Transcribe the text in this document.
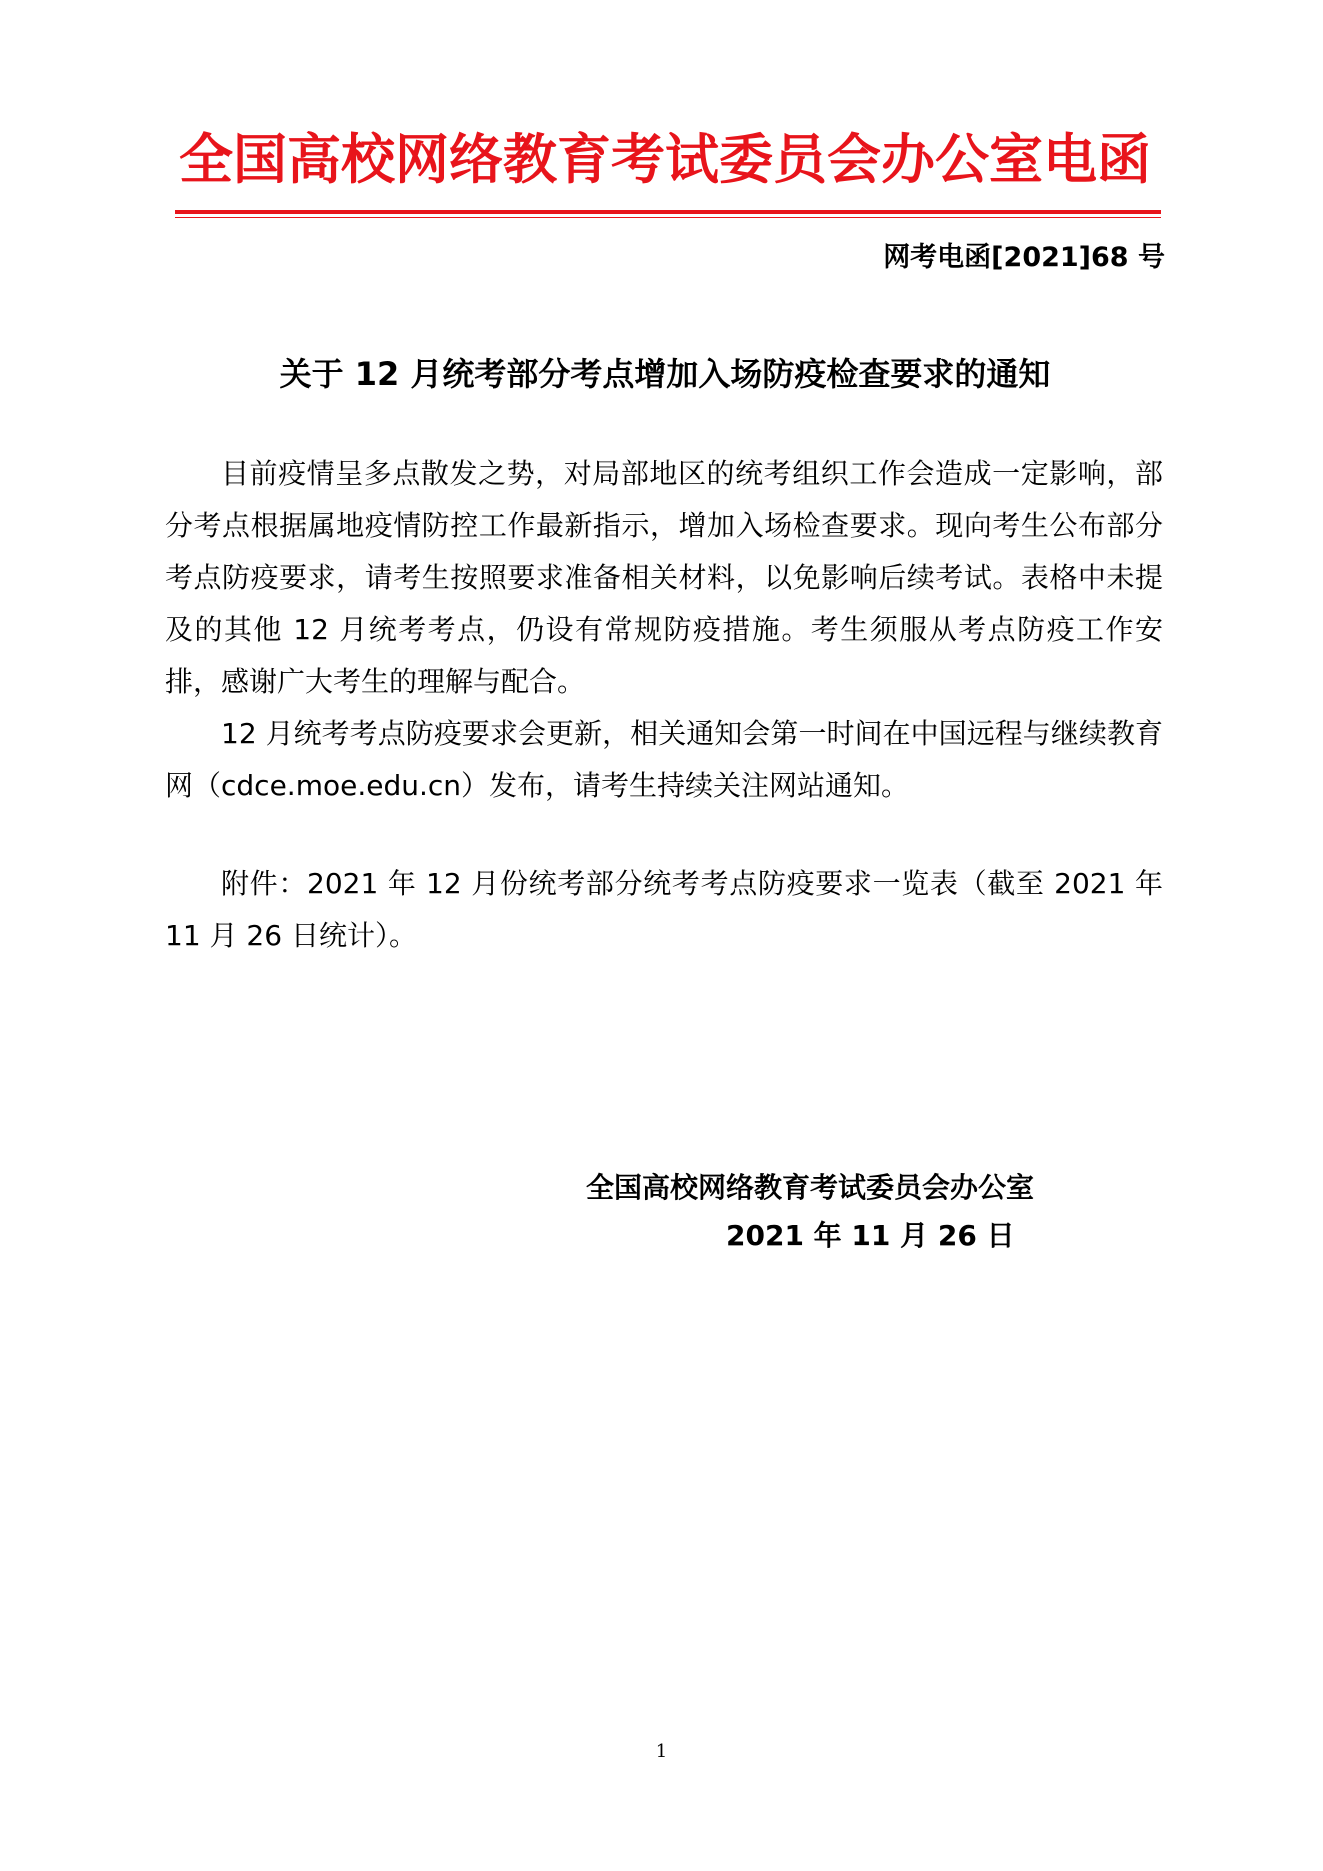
全国高校网络教育考试委员会办公室电函
网考电函[2021]68 号
关于 12 月统考部分考点增加入场防疫检查要求的通知

目前疫情呈多点散发之势，对局部地区的统考组织工作会造成一定影响，部分考点根据属地疫情防控工作最新指示，增加入场检查要求。现向考生公布部分考点防疫要求，请考生按照要求准备相关材料，以免影响后续考试。表格中未提及的其他 12 月统考考点，仍设有常规防疫措施。考生须服从考点防疫工作安排，感谢广大考生的理解与配合。

12 月统考考点防疫要求会更新，相关通知会第一时间在中国远程与继续教育网（cdce.moe.edu.cn）发布，请考生持续关注网站通知。

附件：2021 年 12 月份统考部分统考考点防疫要求一览表（截至 2021 年 11 月 26 日统计）。

全国高校网络教育考试委员会办公室
2021 年 11 月 26 日
1
